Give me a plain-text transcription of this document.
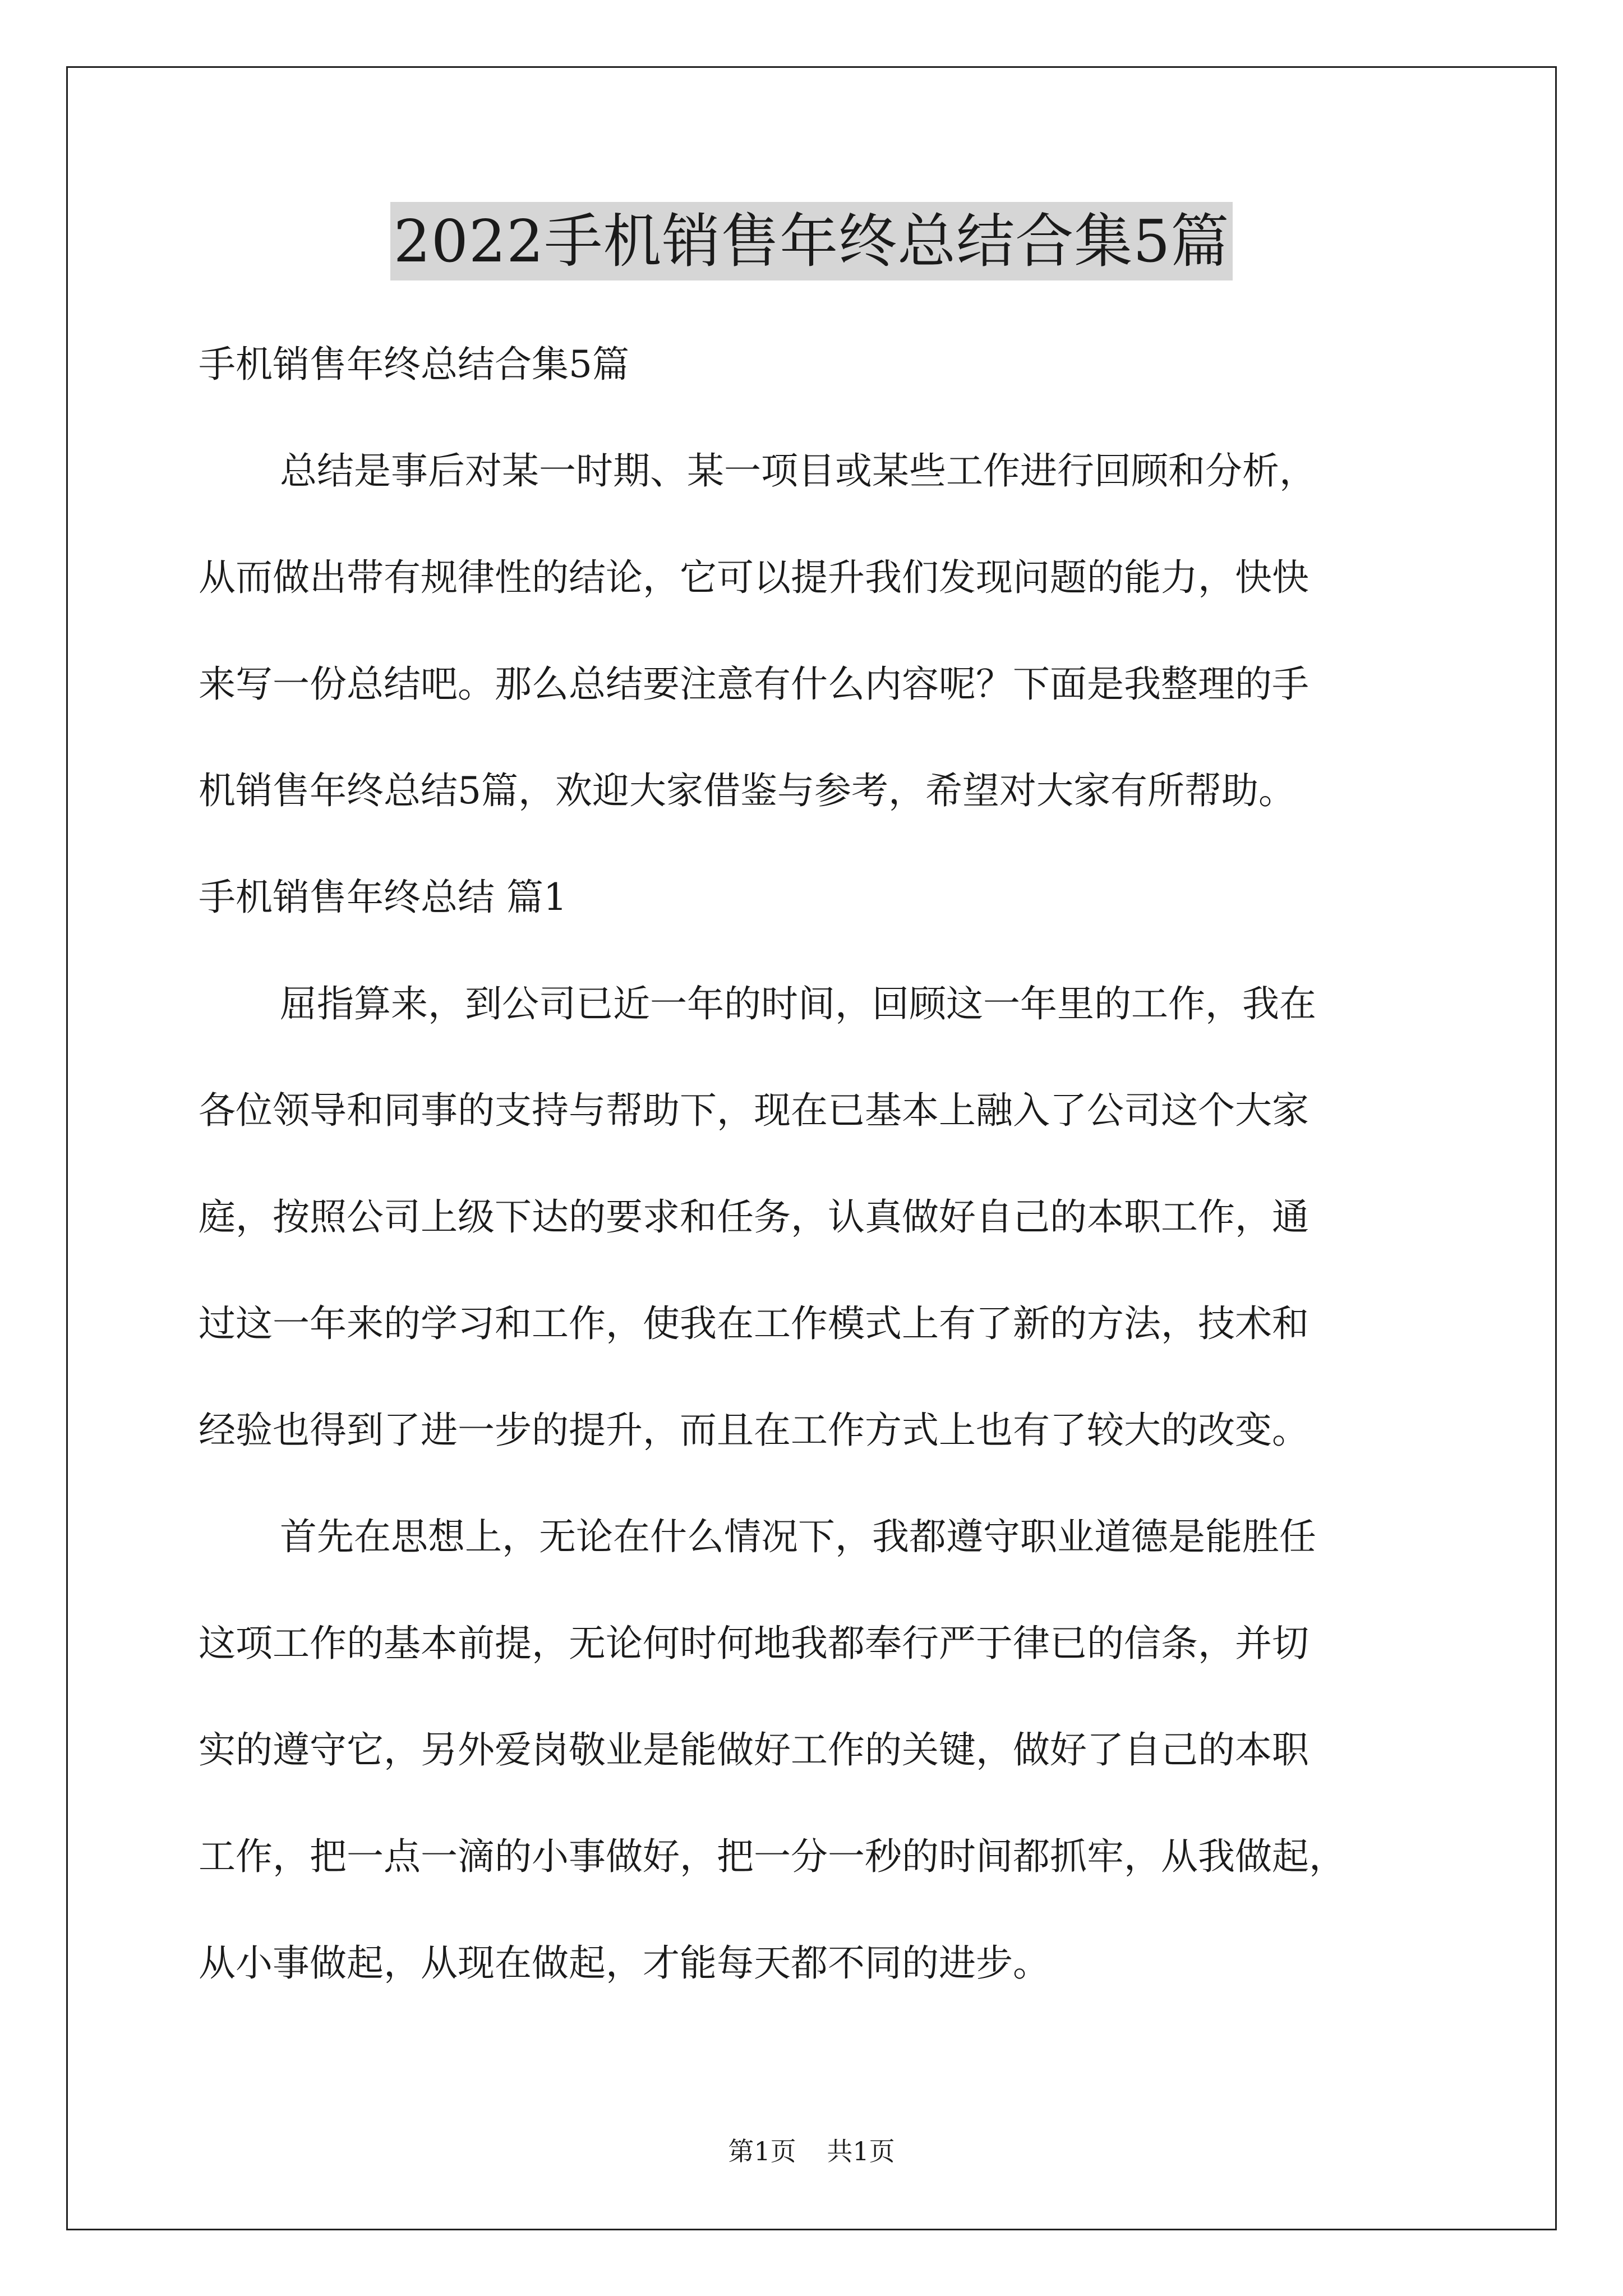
2022手机销售年终总结合集5篇
手机销售年终总结合集5篇
总结是事后对某一时期、某一项目或某些工作进行回顾和分析，
从而做出带有规律性的结论，它可以提升我们发现问题的能力，快快
来写一份总结吧。那么总结要注意有什么内容呢？下面是我整理的手
机销售年终总结5篇，欢迎大家借鉴与参考，希望对大家有所帮助。
手机销售年终总结 篇1
屈指算来，到公司已近一年的时间，回顾这一年里的工作，我在
各位领导和同事的支持与帮助下，现在已基本上融入了公司这个大家
庭，按照公司上级下达的要求和任务，认真做好自己的本职工作，通
过这一年来的学习和工作，使我在工作模式上有了新的方法，技术和
经验也得到了进一步的提升，而且在工作方式上也有了较大的改变。
首先在思想上，无论在什么情况下，我都遵守职业道德是能胜任
这项工作的基本前提，无论何时何地我都奉行严于律已的信条，并切
实的遵守它，另外爱岗敬业是能做好工作的关键，做好了自己的本职
工作，把一点一滴的小事做好，把一分一秒的时间都抓牢，从我做起，
从小事做起，从现在做起，才能每天都不同的进步。
第1页 共1页
